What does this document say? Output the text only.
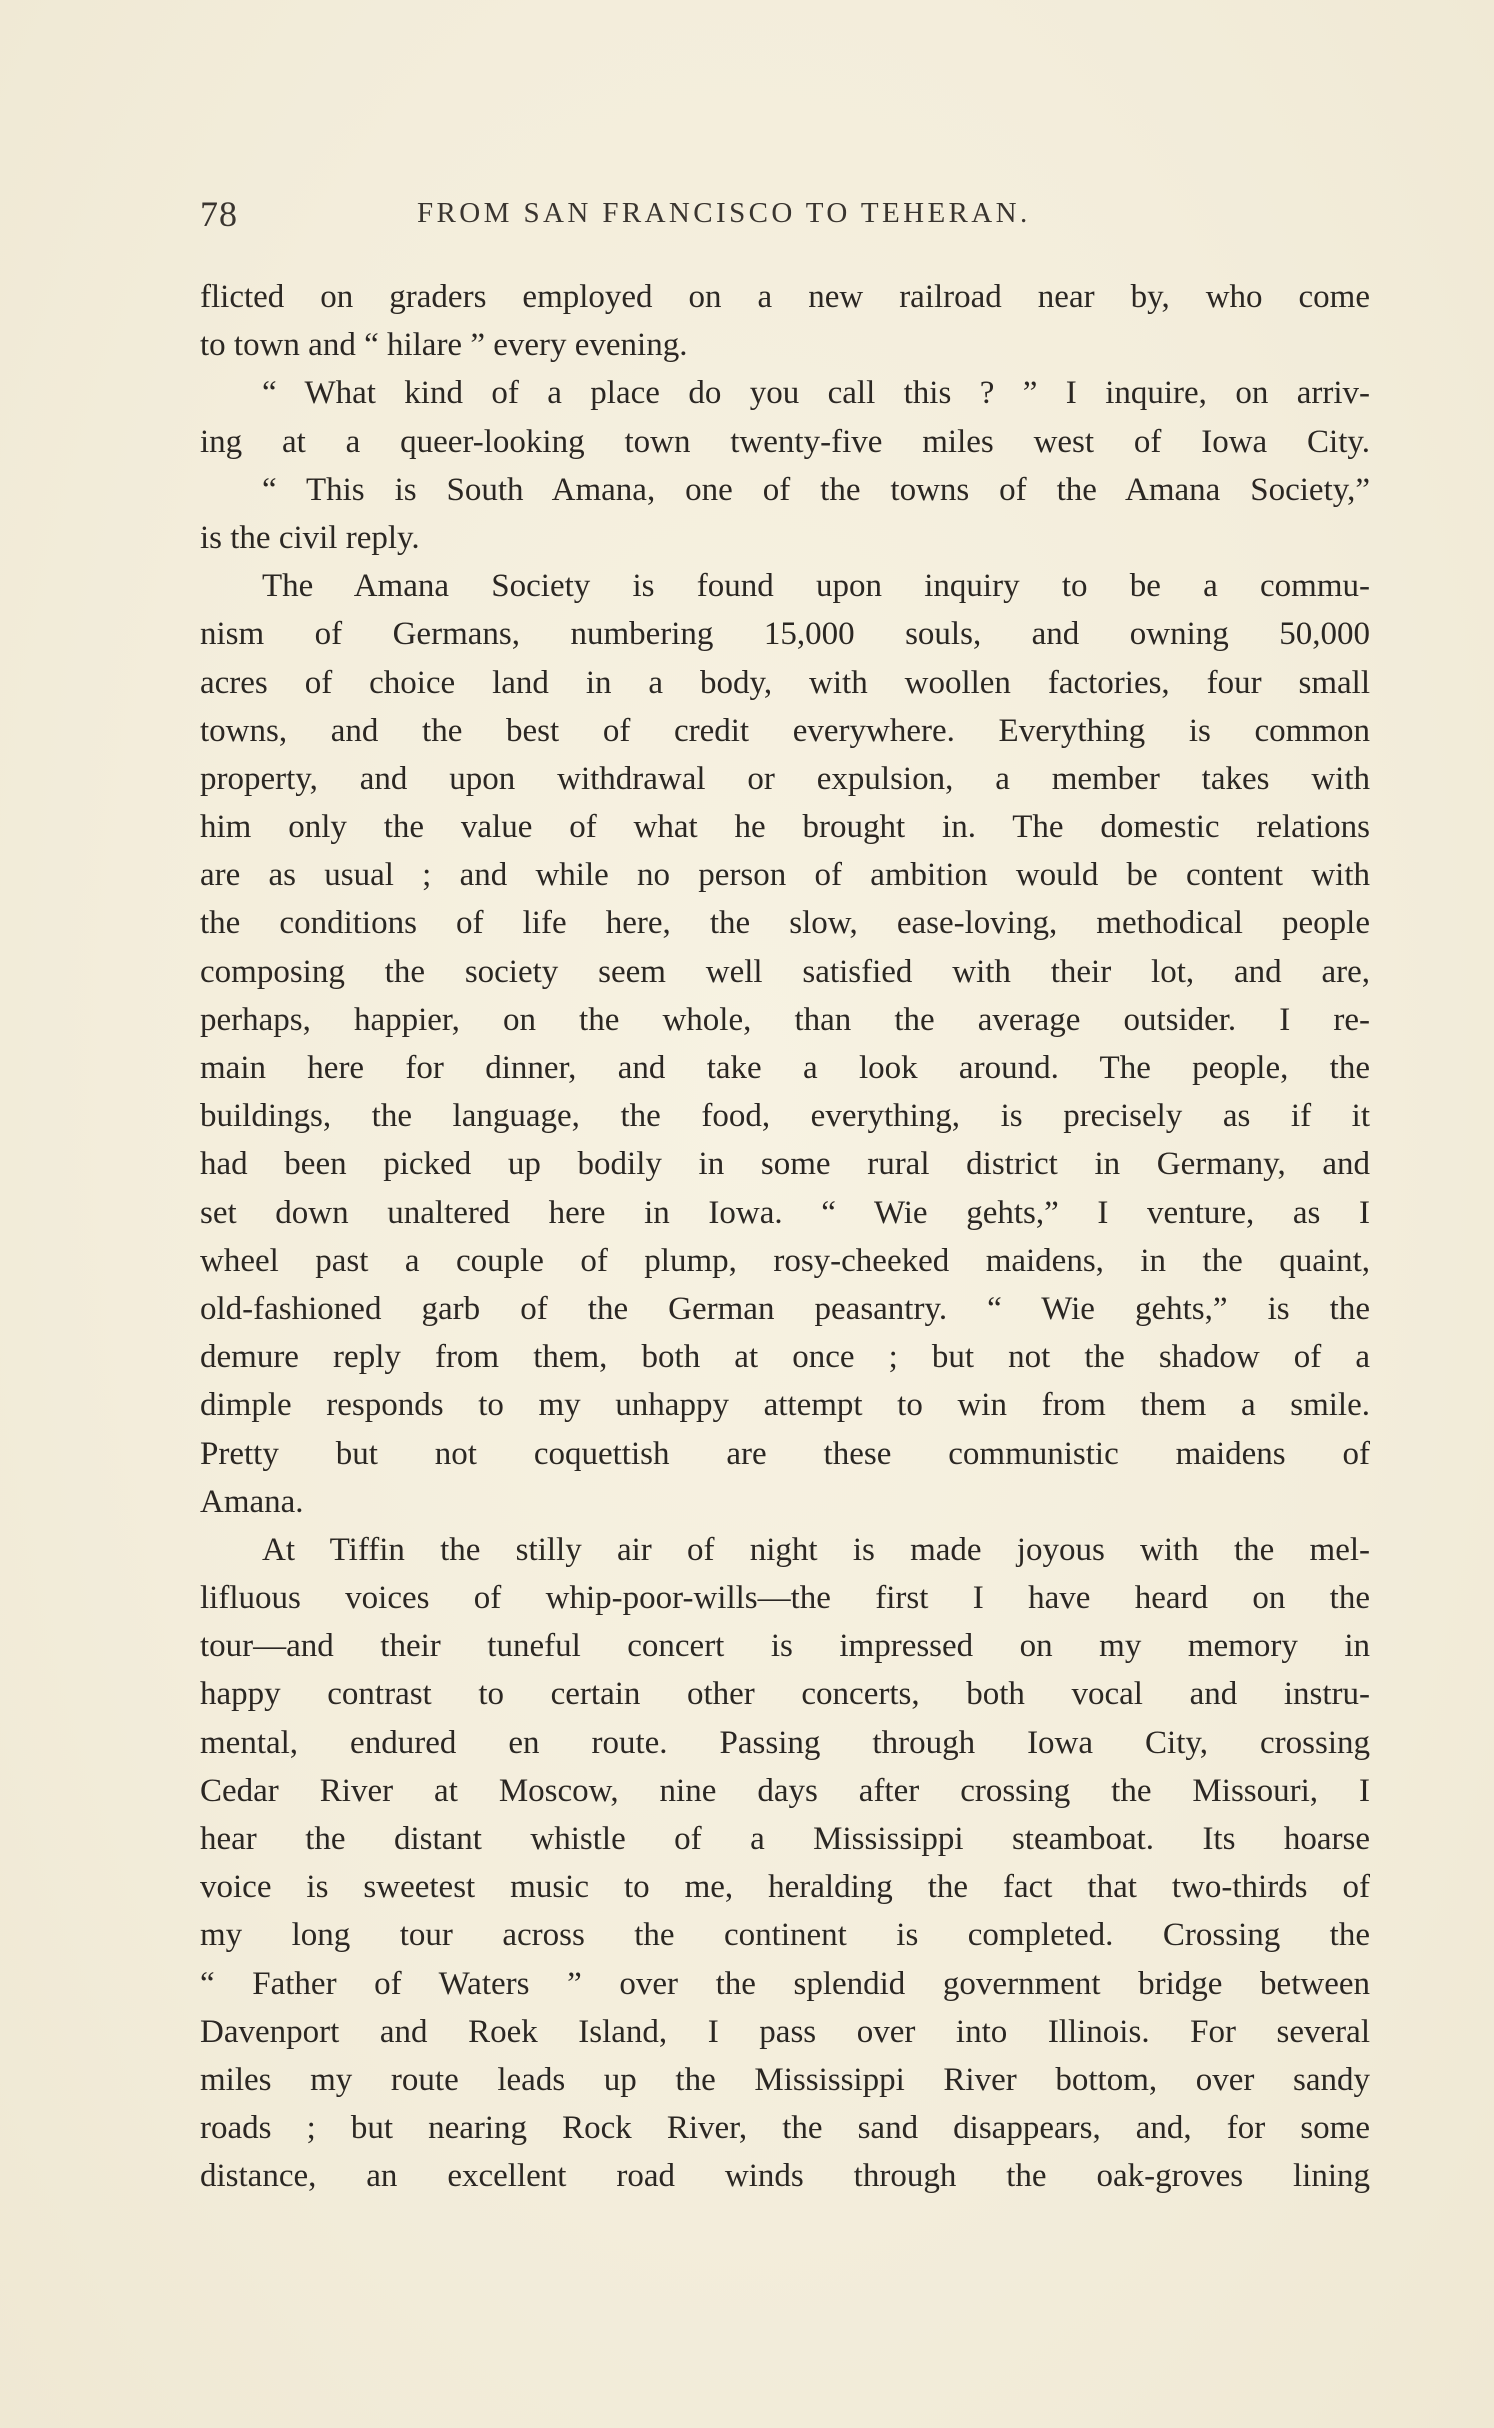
78	FROM SAN FRANCISCO TO TEHERAN.
flicted on graders employed on a new railroad near by, who come
to town and “ hilare ” every evening.
“ What kind of a place do you call this ? ” I inquire, on arriv-
ing at a queer-looking town twenty-five miles west of Iowa City.
“ This is South Amana, one of the towns of the Amana Society,”
is the civil reply.
The Amana Society is found upon inquiry to be a commu-
nism of Germans, numbering 15,000 souls, and owning 50,000
acres of choice land in a body, with woollen factories, four small
towns, and the best of credit everywhere. Everything is common
property, and upon withdrawal or expulsion, a member takes with
him only the value of what he brought in. The domestic relations
are as usual ; and while no person of ambition would be content with
the conditions of life here, the slow, ease-loving, methodical people
composing the society seem well satisfied with their lot, and are,
perhaps, happier, on the whole, than the average outsider. I re-
main here for dinner, and take a look around. The people, the
buildings, the language, the food, everything, is precisely as if it
had been picked up bodily in some rural district in Germany, and
set down unaltered here in Iowa. “ Wie gehts,” I venture, as I
wheel past a couple of plump, rosy-cheeked maidens, in the quaint,
old-fashioned garb of the German peasantry. “ Wie gehts,” is the
demure reply from them, both at once ; but not the shadow of a
dimple responds to my unhappy attempt to win from them a smile.
Pretty but not coquettish are these communistic maidens of
Amana.
At Tiffin the stilly air of night is made joyous with the mel-
lifluous voices of whip-poor-wills—the first I have heard on the
tour—and their tuneful concert is impressed on my memory in
happy contrast to certain other concerts, both vocal and instru-
mental, endured en route. Passing through Iowa City, crossing
Cedar River at Moscow, nine days after crossing the Missouri, I
hear the distant whistle of a Mississippi steamboat. Its hoarse
voice is sweetest music to me, heralding the fact that two-thirds of
my long tour across the continent is completed. Crossing the
“ Father of Waters ” over the splendid government bridge between
Davenport and Roek Island, I pass over into Illinois. For several
miles my route leads up the Mississippi River bottom, over sandy
roads ; but nearing Rock River, the sand disappears, and, for some
distance, an excellent road winds through the oak-groves lining
